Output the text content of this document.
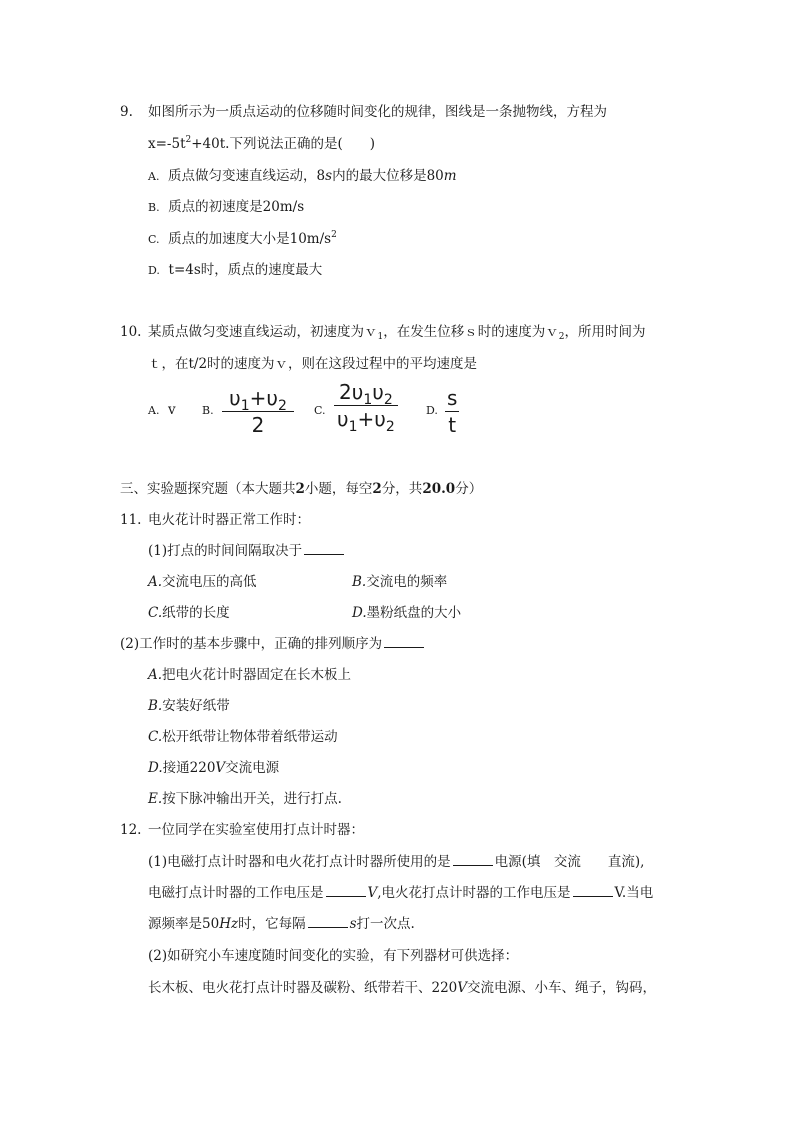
9. 如图所示为一质点运动的位移随时间变化的规律，图线是一条抛物线，方程为
$x=-5t^2+40t$.下列说法正确的是(　　)
A. 质点做匀变速直线运动，8s内的最大位移是80m
B. 质点的初速度是20m/s
C. 质点的加速度大小是$10m/s^2$
D. t=4s时，质点的速度最大
10. 某质点做匀变速直线运动，初速度为ｖ$_1$，在发生位移ｓ时的速度为ｖ$_2$，所用时间为
ｔ，在t/2时的速度为ｖ，则在这段过程中的平均速度是
A. v B. $\frac{\upsilon_1+\upsilon_2}{2} C$. $\frac{2\upsilon_1\upsilon_2}{\upsilon_1+\upsilon_2}$	D. $\frac{s}{t}$
三、实验题探究题（本大题共2小题，每空2分，共20.0分）
11. 电火花计时器正常工作时：
(1)打点的时间间隔取决于
A.交流电压的高低	B.交流电的频率
C.纸带的长度	D.墨粉纸盘的大小
(2)工作时的基本步骤中，正确的排列顺序为
A.把电火花计时器固定在长木板上
B.安装好纸带
C.松开纸带让物体带着纸带运动
D.接通220V交流电源
E.按下脉冲输出开关，进行打点.
12. 一位同学在实验室使用打点计时器：
(1)电磁打点计时器和电火花打点计时器所使用的是	电源(填　交流　　直流),
电磁打点计时器的工作电压是	V,电火花打点计时器的工作电压是	V.当电
源频率是50Hz时，它每隔	s打一次点.
(2)如研究小车速度随时间变化的实验，有下列器材可供选择：
长木板、电火花打点计时器及碳粉、纸带若干、220V交流电源、小车、绳子，钩码，
